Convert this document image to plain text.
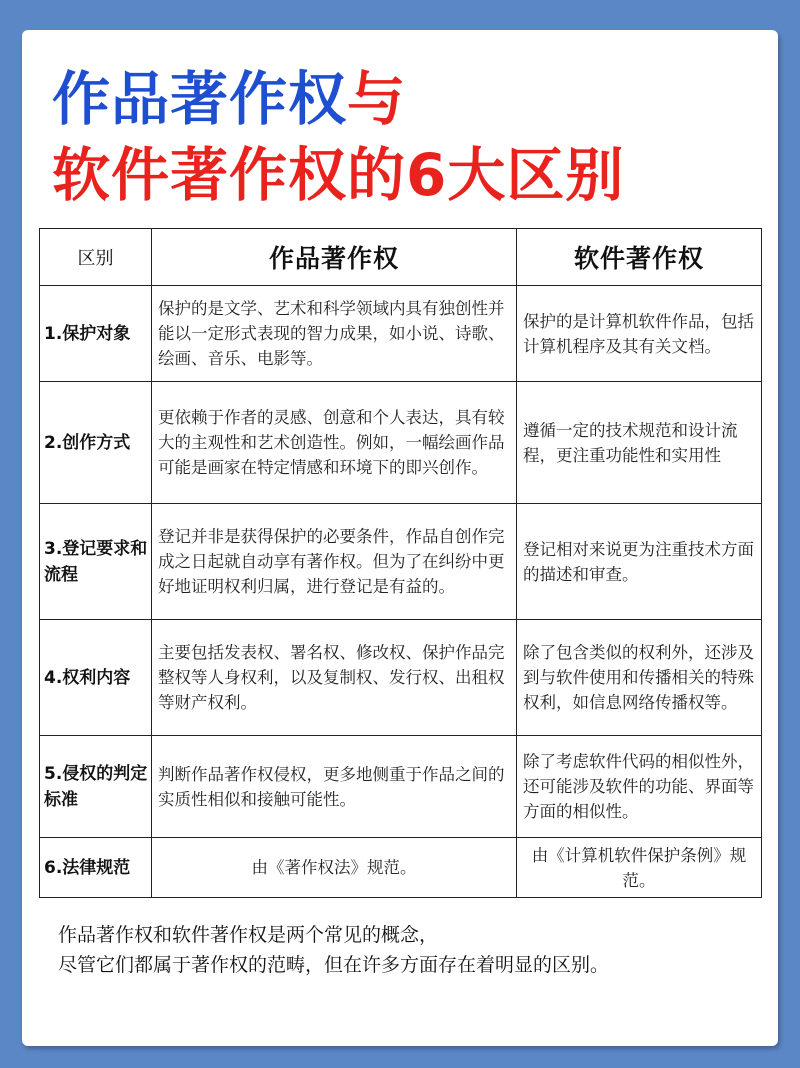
作品著作权与
软件著作权的6大区别
区别	作品著作权	软件著作权
1.保护对象	保护的是文学、艺术和科学领域内具有独创性并能以一定形式表现的智力成果，如小说、诗歌、绘画、音乐、电影等。	保护的是计算机软件作品，包括计算机程序及其有关文档。
2.创作方式	更依赖于作者的灵感、创意和个人表达，具有较大的主观性和艺术创造性。例如，一幅绘画作品可能是画家在特定情感和环境下的即兴创作。	遵循一定的技术规范和设计流程，更注重功能性和实用性
3.登记要求和流程	登记并非是获得保护的必要条件，作品自创作完成之日起就自动享有著作权。但为了在纠纷中更好地证明权利归属，进行登记是有益的。	登记相对来说更为注重技术方面的描述和审查。
4.权利内容	主要包括发表权、署名权、修改权、保护作品完整权等人身权利，以及复制权、发行权、出租权等财产权利。	除了包含类似的权利外，还涉及到与软件使用和传播相关的特殊权利，如信息网络传播权等。
5.侵权的判定标准	判断作品著作权侵权，更多地侧重于作品之间的实质性相似和接触可能性。	除了考虑软件代码的相似性外，还可能涉及软件的功能、界面等方面的相似性。
6.法律规范	由《著作权法》规范。	由《计算机软件保护条例》规范。
作品著作权和软件著作权是两个常见的概念，
尽管它们都属于著作权的范畴，但在许多方面存在着明显的区别。
